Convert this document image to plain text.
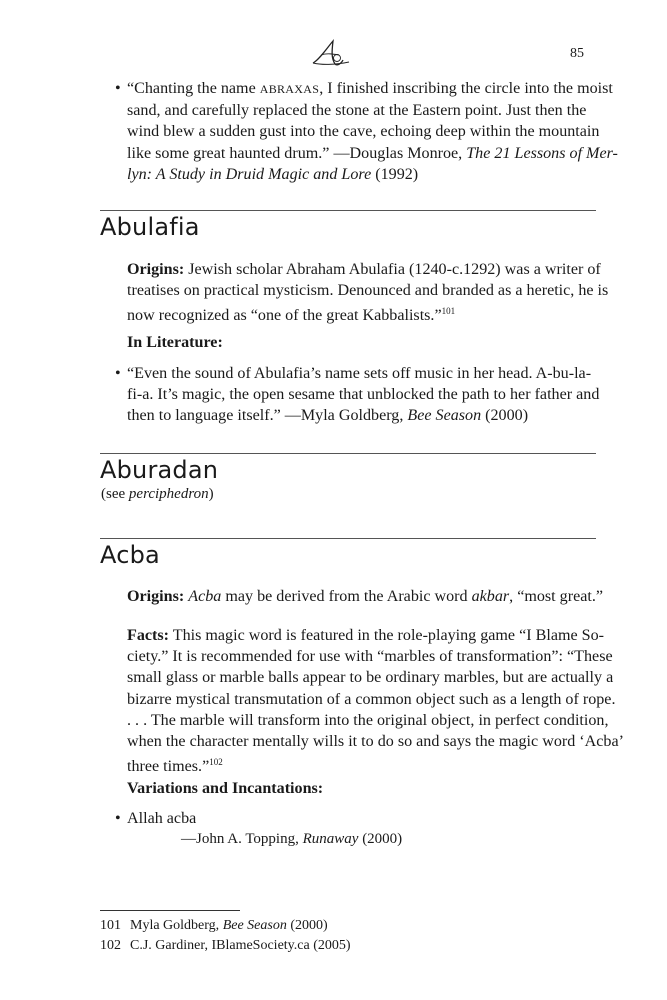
85
• “Chanting the name ABRAXAS, I finished inscribing the circle into the moist
sand, and carefully replaced the stone at the Eastern point. Just then the
wind blew a sudden gust into the cave, echoing deep within the mountain
like some great haunted drum.” —Douglas Monroe, The 21 Lessons of Mer-
lyn: A Study in Druid Magic and Lore (1992)
Abulafia
Origins: Jewish scholar Abraham Abulafia (1240-c.1292) was a writer of
treatises on practical mysticism. Denounced and branded as a heretic, he is
now recognized as “one of the great Kabbalists.”$^{101}$
In Literature:
• “Even the sound of Abulafia’s name sets off music in her head. A-bu-la-
fi-a. It’s magic, the open sesame that unblocked the path to her father and
then to language itself.” —Myla Goldberg, Bee Season (2000)
Aburadan
(see perciphedron)
Acba
Origins: Acba may be derived from the Arabic word akbar, “most great.”
Facts: This magic word is featured in the role-playing game “I Blame So-
ciety.” It is recommended for use with “marbles of transformation”: “These
small glass or marble balls appear to be ordinary marbles, but are actually a
bizarre mystical transmutation of a common object such as a length of rope.
. . . The marble will transform into the original object, in perfect condition,
when the character mentally wills it to do so and says the magic word ‘Acba’
three times.”$^{102}$
Variations and Incantations:
• Allah acba
—John A. Topping, Runaway (2000)
101 Myla Goldberg, Bee Season (2000)
102 C.J. Gardiner, IBlameSociety.ca (2005)
